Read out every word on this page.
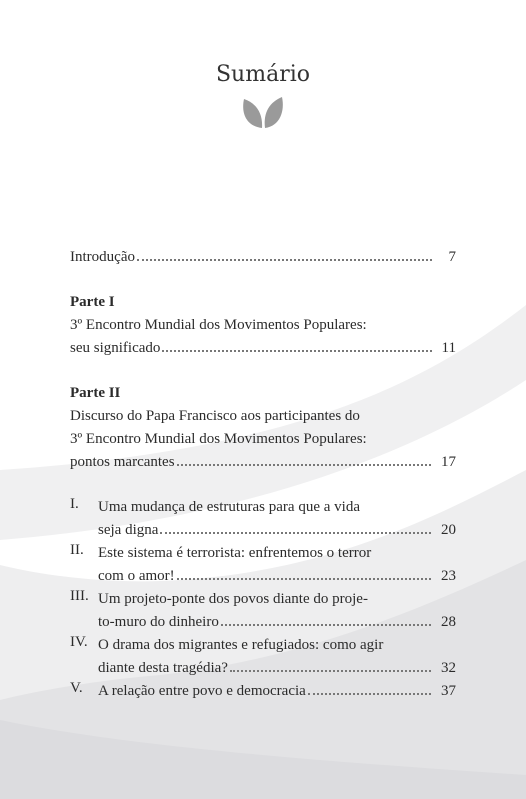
Sumário
Introdução	7
Parte I
3º Encontro Mundial dos Movimentos Populares:
seu significado	11
Parte II
Discurso do Papa Francisco aos participantes do
3º Encontro Mundial dos Movimentos Populares:
pontos marcantes	17
I.	Uma mudança de estruturas para que a vida
seja digna	20
II. Este sistema é terrorista: enfrentemos o terror
com o amor!	23
III. Um projeto-ponte dos povos diante do proje-
to-muro do dinheiro	28
IV. O drama dos migrantes e refugiados: como agir
diante desta tragédia?	32
V.	A relação entre povo e democracia	37
